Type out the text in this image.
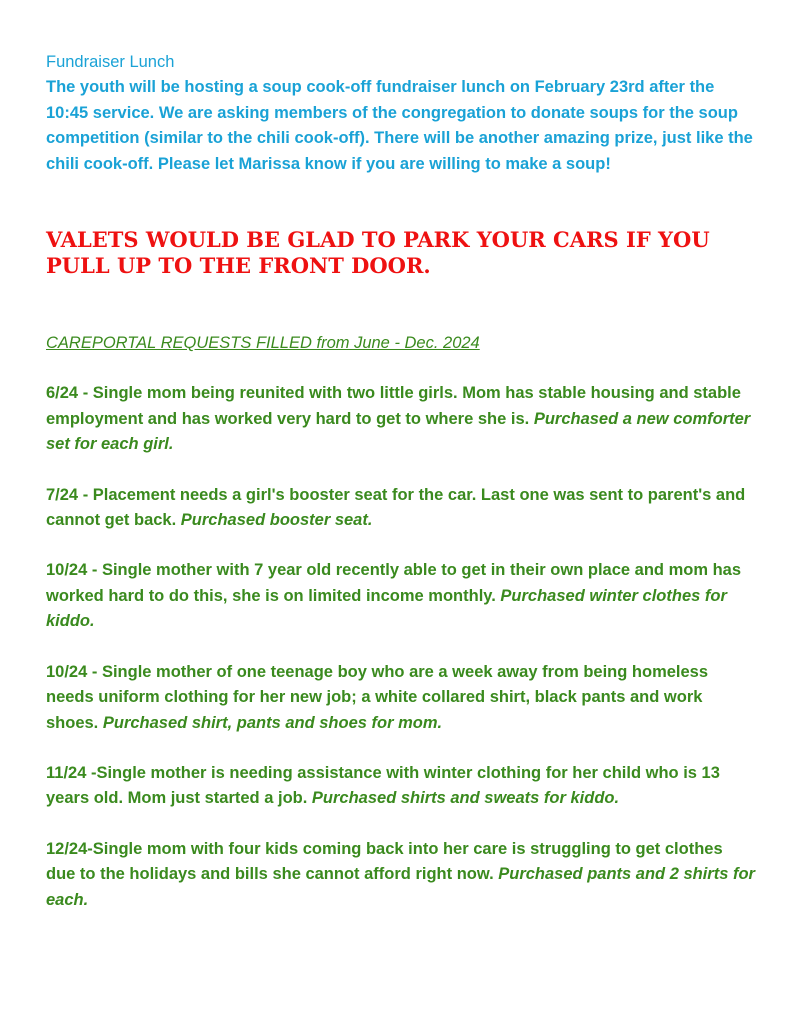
Fundraiser Lunch
The youth will be hosting a soup cook-off fundraiser lunch on February 23rd after the 10:45 service. We are asking members of the congregation to donate soups for the soup competition (similar to the chili cook-off). There will be another amazing prize, just like the chili cook-off. Please let Marissa know if you are willing to make a soup!
VALETS WOULD BE GLAD TO PARK YOUR CARS IF YOU
PULL UP TO THE FRONT DOOR.
CAREPORTAL REQUESTS FILLED from June - Dec. 2024
6/24 - Single mom being reunited with two little girls. Mom has stable housing and stable employment and has worked very hard to get to where she is. Purchased a new comforter set for each girl.
7/24 - Placement needs a girl's booster seat for the car. Last one was sent to parent's and cannot get back. Purchased booster seat.
10/24 - Single mother with 7 year old recently able to get in their own place and mom has worked hard to do this, she is on limited income monthly. Purchased winter clothes for kiddo.
10/24 - Single mother of one teenage boy who are a week away from being homeless needs uniform clothing for her new job; a white collared shirt, black pants and work shoes. Purchased shirt, pants and shoes for mom.
11/24 -Single mother is needing assistance with winter clothing for her child who is 13 years old. Mom just started a job. Purchased shirts and sweats for kiddo.
12/24-Single mom with four kids coming back into her care is struggling to get clothes due to the holidays and bills she cannot afford right now. Purchased pants and 2 shirts for each.
